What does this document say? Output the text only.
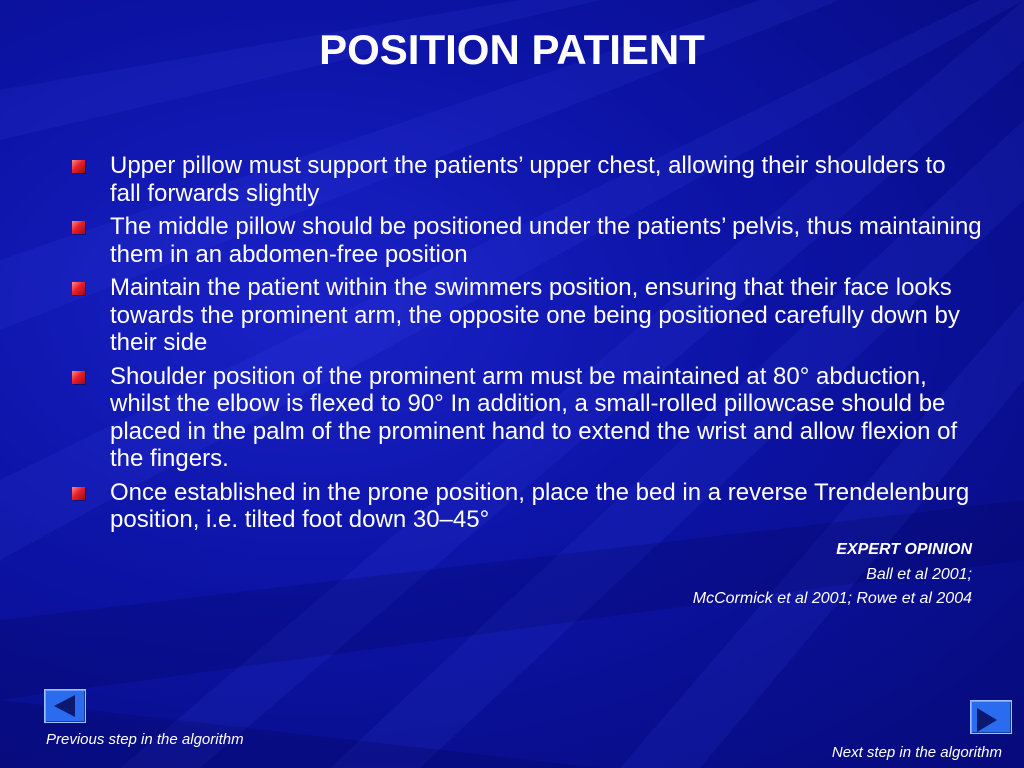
POSITION PATIENT
Upper pillow must support the patients’ upper chest, allowing their shoulders to fall forwards slightly
The middle pillow should be positioned under the patients’ pelvis, thus maintaining them in an abdomen-free position
Maintain the patient within the swimmers position, ensuring that their face looks towards the prominent arm, the opposite one being positioned carefully down by their side
Shoulder position of the prominent arm must be maintained at 80° abduction, whilst the elbow is flexed to 90° In addition, a small-rolled pillowcase should be placed in the palm of the prominent hand to extend the wrist and allow flexion of the fingers.
Once established in the prone position, place the bed in a reverse Trendelenburg position, i.e. tilted foot down 30–45°
EXPERT OPINION
Ball et al 2001;
McCormick et al 2001; Rowe et al 2004
Previous step in the algorithm
Next step in the algorithm
